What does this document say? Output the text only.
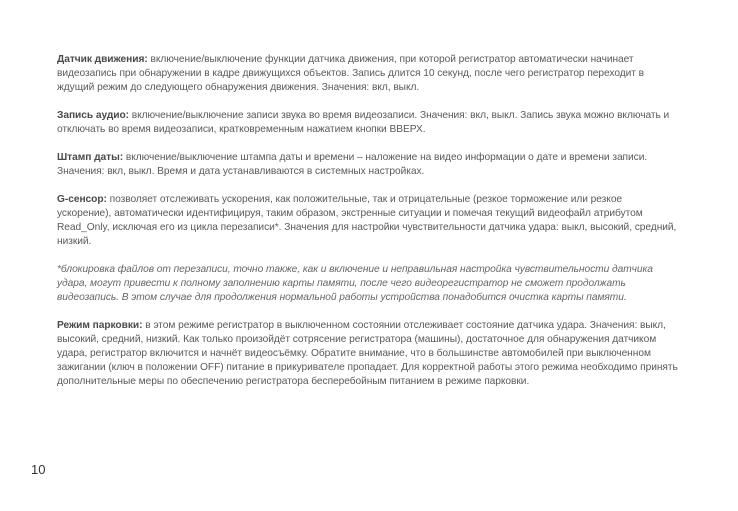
Датчик движения: включение/выключение функции датчика движения, при которой регистратор автоматически начинает видеозапись при обнаружении в кадре движущихся объектов. Запись длится 10 секунд, после чего регистратор переходит в ждущий режим до следующего обнаружения движения. Значения: вкл, выкл.

Запись аудио: включение/выключение записи звука во время видеозаписи. Значения: вкл, выкл. Запись звука можно включать и отключать во время видеозаписи, кратковременным нажатием кнопки ВВЕРХ.

Штамп даты: включение/выключение штампа даты и времени – наложение на видео информации о дате и времени записи. Значения: вкл, выкл. Время и дата устанавливаются в системных настройках.

G-сенсор: позволяет отслеживать ускорения, как положительные, так и отрицательные (резкое торможение или резкое ускорение), автоматически идентифицируя, таким образом, экстренные ситуации и помечая текущий видеофайл атрибутом Read_Only, исключая его из цикла перезаписи*. Значения для настройки чувствительности датчика удара: выкл, высокий, средний, низкий.

*блокировка файлов от перезаписи, точно также, как и включение и неправильная настройка чувствительности датчика удара, могут привести к полному заполнению карты памяти, после чего видеорегистратор не сможет продолжать видеозапись. В этом случае для продолжения нормальной работы устройства понадобится очистка карты памяти.

Режим парковки: в этом режиме регистратор в выключенном состоянии отслеживает состояние датчика удара. Значения: выкл, высокий, средний, низкий. Как только произойдёт сотрясение регистратора (машины), достаточное для обнаружения датчиком удара, регистратор включится и начнёт видеосъёмку. Обратите внимание, что в большинстве автомобилей при выключенном зажигании (ключ в положении OFF) питание в прикуривателе пропадает. Для корректной работы этого режима необходимо принять дополнительные меры по обеспечению регистратора бесперебойным питанием в режиме парковки.

10
